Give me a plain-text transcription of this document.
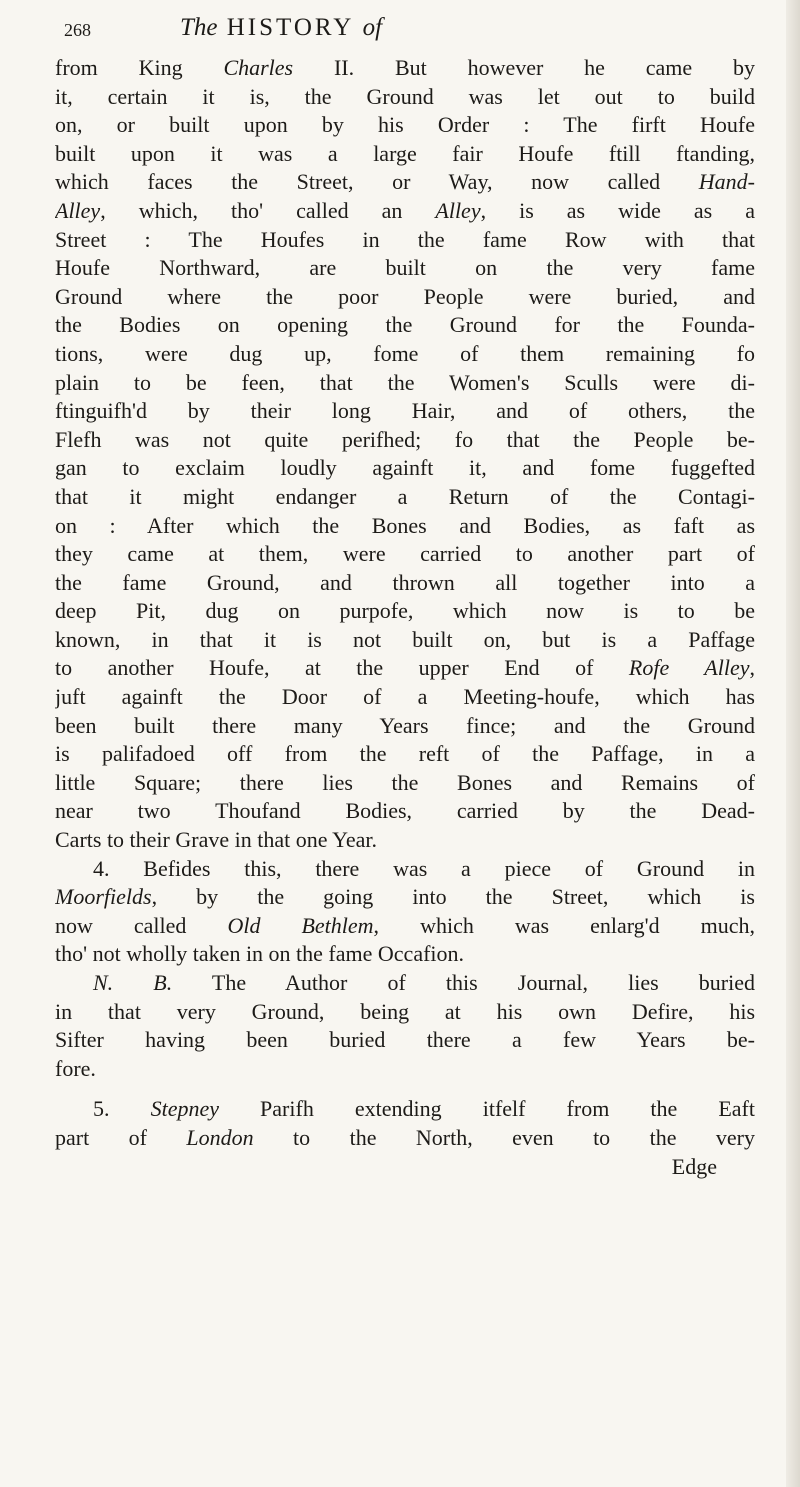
268	The HISTORY of
from King Charles II. But however he came by
it, certain it is, the Ground was let out to build
on, or built upon by his Order : The firft Houfe
built upon it was a large fair Houfe ftill ftanding,
which faces the Street, or Way, now called Hand-
Alley, which, tho' called an Alley, is as wide as a
Street : The Houfes in the fame Row with that
Houfe Northward, are built on the very fame
Ground where the poor People were buried, and
the Bodies on opening the Ground for the Founda-
tions, were dug up, fome of them remaining fo
plain to be feen, that the Women's Sculls were di-
ftinguifh'd by their long Hair, and of others, the
Flefh was not quite perifhed; fo that the People be-
gan to exclaim loudly againft it, and fome fuggefted
that it might endanger a Return of the Contagi-
on : After which the Bones and Bodies, as faft as
they came at them, were carried to another part of
the fame Ground, and thrown all together into a
deep Pit, dug on purpofe, which now is to be
known, in that it is not built on, but is a Paffage
to another Houfe, at the upper End of Rofe Alley,
juft againft the Door of a Meeting-houfe, which has
been built there many Years fince; and the Ground
is palifadoed off from the reft of the Paffage, in a
little Square; there lies the Bones and Remains of
near two Thoufand Bodies, carried by the Dead-
Carts to their Grave in that one Year.
4. Befides this, there was a piece of Ground in
Moorfields, by the going into the Street, which is
now called Old Bethlem, which was enlarg'd much,
tho' not wholly taken in on the fame Occafion.
N. B. The Author of this Journal, lies buried
in that very Ground, being at his own Defire, his
Sifter having been buried there a few Years be-
fore.
5. Stepney Parifh extending itfelf from the Eaft
part of London to the North, even to the very
Edge
